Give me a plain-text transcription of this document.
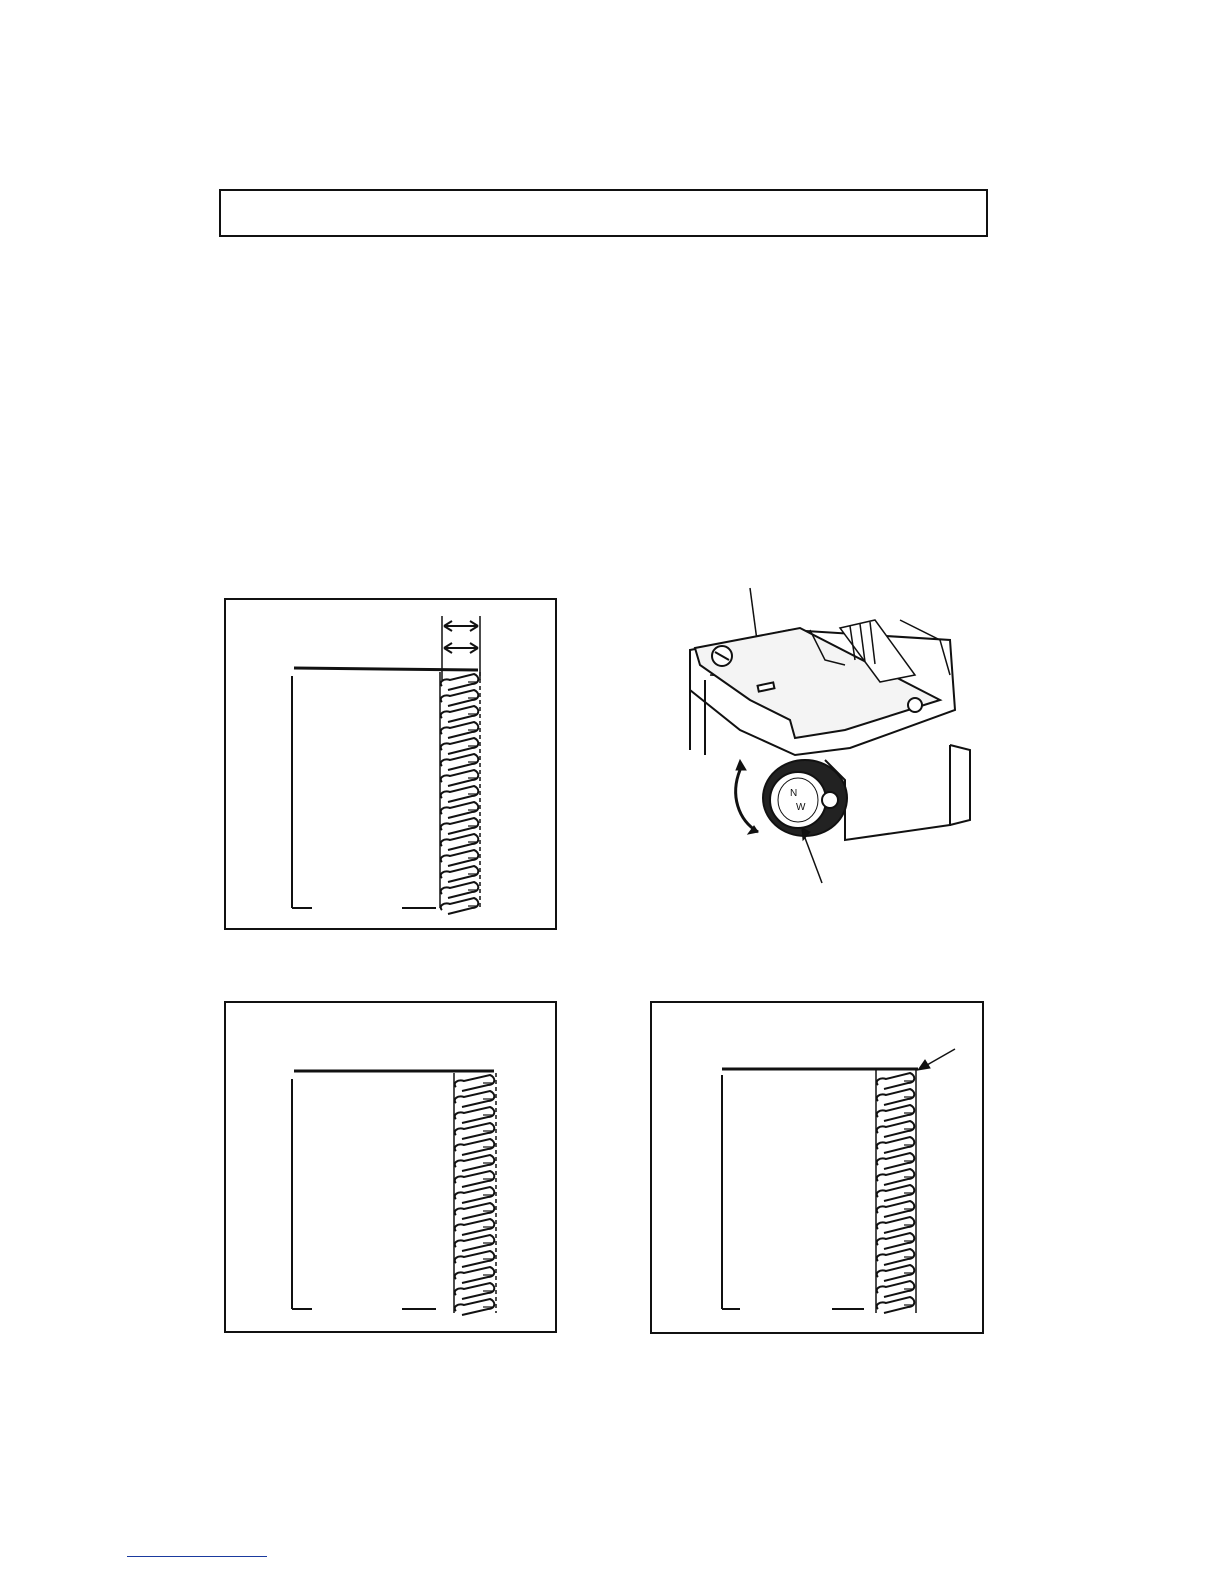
N
W
